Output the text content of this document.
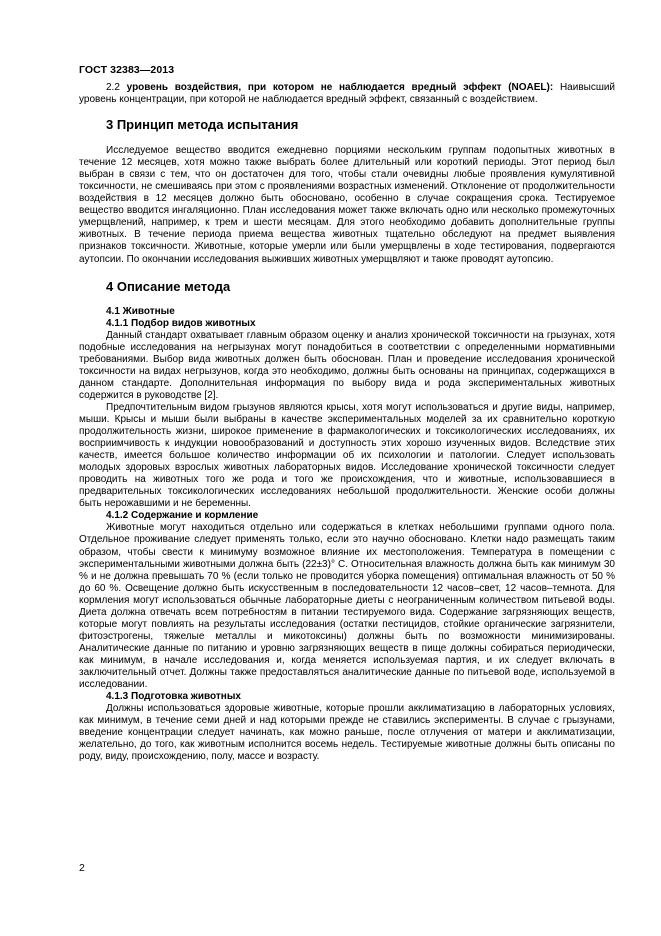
ГОСТ 32383—2013

2.2 уровень воздействия, при котором не наблюдается вредный эффект (NOAEL): Наивысший уровень концентрации, при которой не наблюдается вредный эффект, связанный с воздействием.

3 Принцип метода испытания

Исследуемое вещество вводится ежедневно порциями нескольким группам подопытных животных в течение 12 месяцев, хотя можно также выбрать более длительный или короткий периоды. Этот период был выбран в связи с тем, что он достаточен для того, чтобы стали очевидны любые проявления кумулятивной токсичности, не смешиваясь при этом с проявлениями возрастных изменений. Отклонение от продолжительности воздействия в 12 месяцев должно быть обосновано, особенно в случае сокращения срока. Тестируемое вещество вводится ингаляционно. План исследования может также включать одно или несколько промежуточных умерщвлений, например, к трем и шести месяцам. Для этого необходимо добавить дополнительные группы животных. В течение периода приема вещества животных тщательно обследуют на предмет выявления признаков токсичности. Животные, которые умерли или были умерщвлены в ходе тестирования, подвергаются аутопсии. По окончании исследования выживших животных умерщвляют и также проводят аутопсию.

4 Описание метода
4.1 Животные
4.1.1 Подбор видов животных

Данный стандарт охватывает главным образом оценку и анализ хронической токсичности на грызунах, хотя подобные исследования на негрызунах могут понадобиться в соответствии с определенными нормативными требованиями. Выбор вида животных должен быть обоснован. План и проведение исследования хронической токсичности на видах негрызунов, когда это необходимо, должны быть основаны на принципах, содержащихся в данном стандарте. Дополнительная информация по выбору вида и рода экспериментальных животных содержится в руководстве [2].

Предпочтительным видом грызунов являются крысы, хотя могут использоваться и другие виды, например, мыши. Крысы и мыши были выбраны в качестве экспериментальных моделей за их сравнительно короткую продолжительность жизни, широкое применение в фармакологических и токсикологических исследованиях, их восприимчивость к индукции новообразований и доступность этих хорошо изученных видов. Вследствие этих качеств, имеется большое количество информации об их психологии и патологии. Следует использовать молодых здоровых взрослых животных лабораторных видов. Исследование хронической токсичности следует проводить на животных того же рода и того же происхождения, что и животные, использовавшиеся в предварительных токсикологических исследованиях небольшой продолжительности. Женские особи должны быть нерожавшими и не беременны.

4.1.2 Содержание и кормление

Животные могут находиться отдельно или содержаться в клетках небольшими группами одного пола. Отдельное проживание следует применять только, если это научно обосновано. Клетки надо размещать таким образом, чтобы свести к минимуму возможное влияние их местоположения. Температура в помещении с экспериментальными животными должна быть (22±3)° С. Относительная влажность должна быть как минимум 30 % и не должна превышать 70 % (если только не проводится уборка помещения) оптимальная влажность от 50 % до 60 %. Освещение должно быть искусственным в последовательности 12 часов–свет, 12 часов–темнота. Для кормления могут использоваться обычные лабораторные диеты с неограниченным количеством питьевой воды. Диета должна отвечать всем потребностям в питании тестируемого вида. Содержание загрязняющих веществ, которые могут повлиять на результаты исследования (остатки пестицидов, стойкие органические загрязнители, фитоэстрогены, тяжелые металлы и микотоксины) должны быть по возможности минимизированы. Аналитические данные по питанию и уровню загрязняющих веществ в пище должны собираться периодически, как минимум, в начале исследования и, когда меняется используемая партия, и их следует включать в заключительный отчет. Должны также предоставляться аналитические данные по питьевой воде, используемой в исследовании.

4.1.3 Подготовка животных

Должны использоваться здоровые животные, которые прошли акклиматизацию в лабораторных условиях, как минимум, в течение семи дней и над которыми прежде не ставились эксперименты. В случае с грызунами, введение концентрации следует начинать, как можно раньше, после отлучения от матери и акклиматизации, желательно, до того, как животным исполнится восемь недель. Тестируемые животные должны быть описаны по роду, виду, происхождению, полу, массе и возрасту.

2
